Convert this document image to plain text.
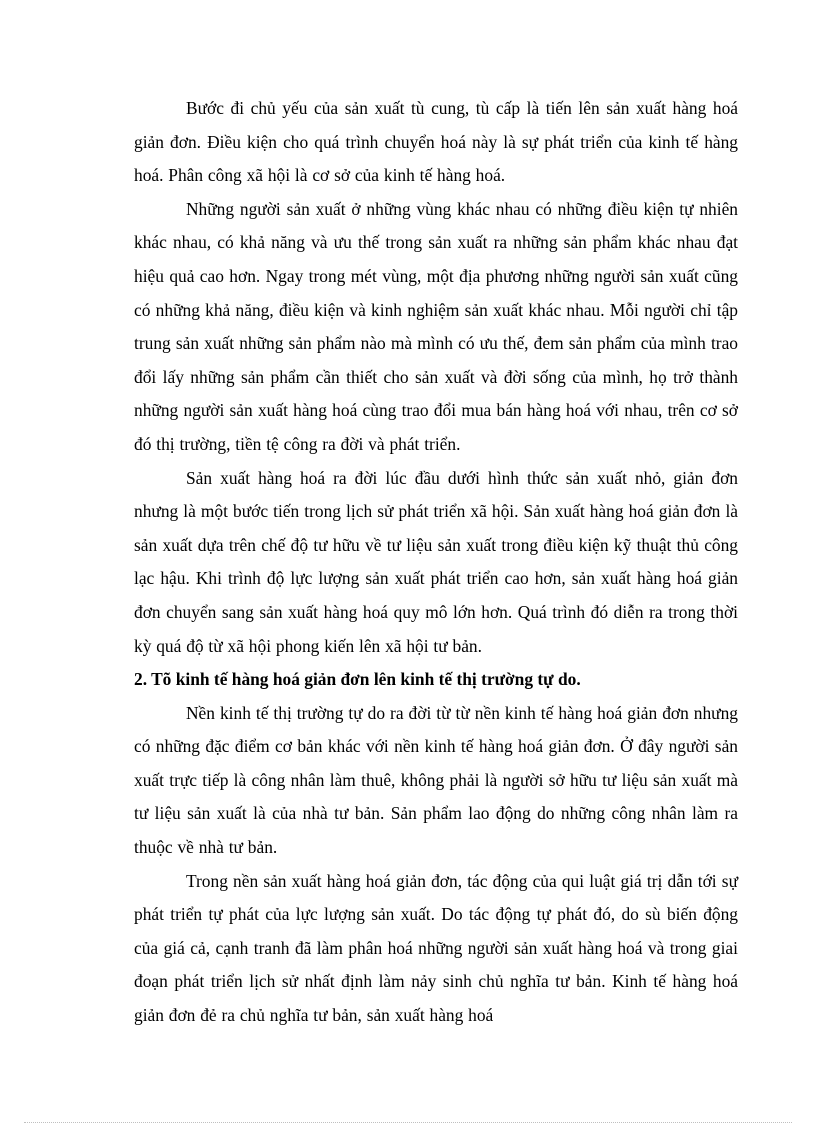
Bước đi chủ yếu của sản xuất tù cung, tù cấp là tiến lên sản xuất hàng hoá giản đơn. Điều kiện cho quá trình chuyển hoá này là sự phát triển của kinh tế hàng hoá. Phân công xã hội là cơ sở của kinh tế hàng hoá.

Những người sản xuất ở những vùng khác nhau có những điều kiện tự nhiên khác nhau, có khả năng và ưu thế trong sản xuất ra những sản phẩm khác nhau đạt hiệu quả cao hơn. Ngay trong mét vùng, một địa phương những người sản xuất cũng có những khả năng, điều kiện và kinh nghiệm sản xuất khác nhau. Mỗi người chỉ tập trung sản xuất những sản phẩm nào mà mình có ưu thế, đem sản phẩm của mình trao đổi lấy những sản phẩm cần thiết cho sản xuất và đời sống của mình, họ trở thành những người sản xuất hàng hoá cùng trao đổi mua bán hàng hoá với nhau, trên cơ sở đó thị trường, tiền tệ công ra đời và phát triển.

Sản xuất hàng hoá ra đời lúc đầu dưới hình thức sản xuất nhỏ, giản đơn nhưng là một bước tiến trong lịch sử phát triển xã hội. Sản xuất hàng hoá giản đơn là sản xuất dựa trên chế độ tư hữu về tư liệu sản xuất trong điều kiện kỹ thuật thủ công lạc hậu. Khi trình độ lực lượng sản xuất phát triển cao hơn, sản xuất hàng hoá giản đơn chuyển sang sản xuất hàng hoá quy mô lớn hơn. Quá trình đó diễn ra trong thời kỳ quá độ từ xã hội phong kiến lên xã hội tư bản.

2. Tõ kinh tế hàng hoá giản đơn lên kinh tế thị trường tự do.

Nền kinh tế thị trường tự do ra đời từ từ nền kinh tế hàng hoá giản đơn nhưng có những đặc điểm cơ bản khác với nền kinh tế hàng hoá giản đơn. Ở đây người sản xuất trực tiếp là công nhân làm thuê, không phải là người sở hữu tư liệu sản xuất mà tư liệu sản xuất là của nhà tư bản. Sản phẩm lao động do những công nhân làm ra thuộc về nhà tư bản.

Trong nền sản xuất hàng hoá giản đơn, tác động của qui luật giá trị dẫn tới sự phát triển tự phát của lực lượng sản xuất. Do tác động tự phát đó, do sù biến động của giá cả, cạnh tranh đã làm phân hoá những người sản xuất hàng hoá và trong giai đoạn phát triển lịch sử nhất định làm nảy sinh chủ nghĩa tư bản. Kinh tế hàng hoá giản đơn đẻ ra chủ nghĩa tư bản, sản xuất hàng hoá
